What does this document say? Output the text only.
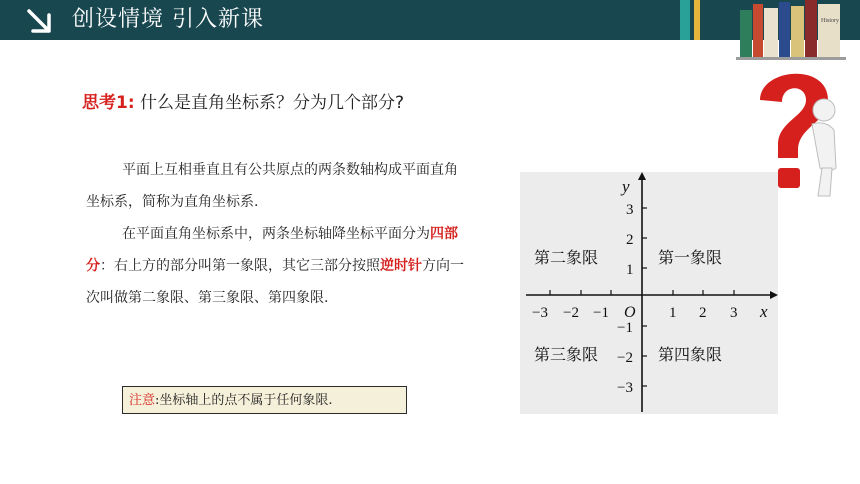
创设情境 引入新课	History
思考1: 什么是直角坐标系？分为几个部分?
平面上互相垂直且有公共原点的两条数轴构成平面直角坐标系，简称为直角坐标系.
在平面直角坐标系中，两条坐标轴降坐标平面分为四部分：右上方的部分叫第一象限，其它三部分按照逆时针方向一次叫做第二象限、第三象限、第四象限.
注意:坐标轴上的点不属于任何象限.
−3 −2 −1 O 1 2 3 x
y
3
2
1
−1
−2
−3
第二象限	第一象限
第三象限	第四象限
